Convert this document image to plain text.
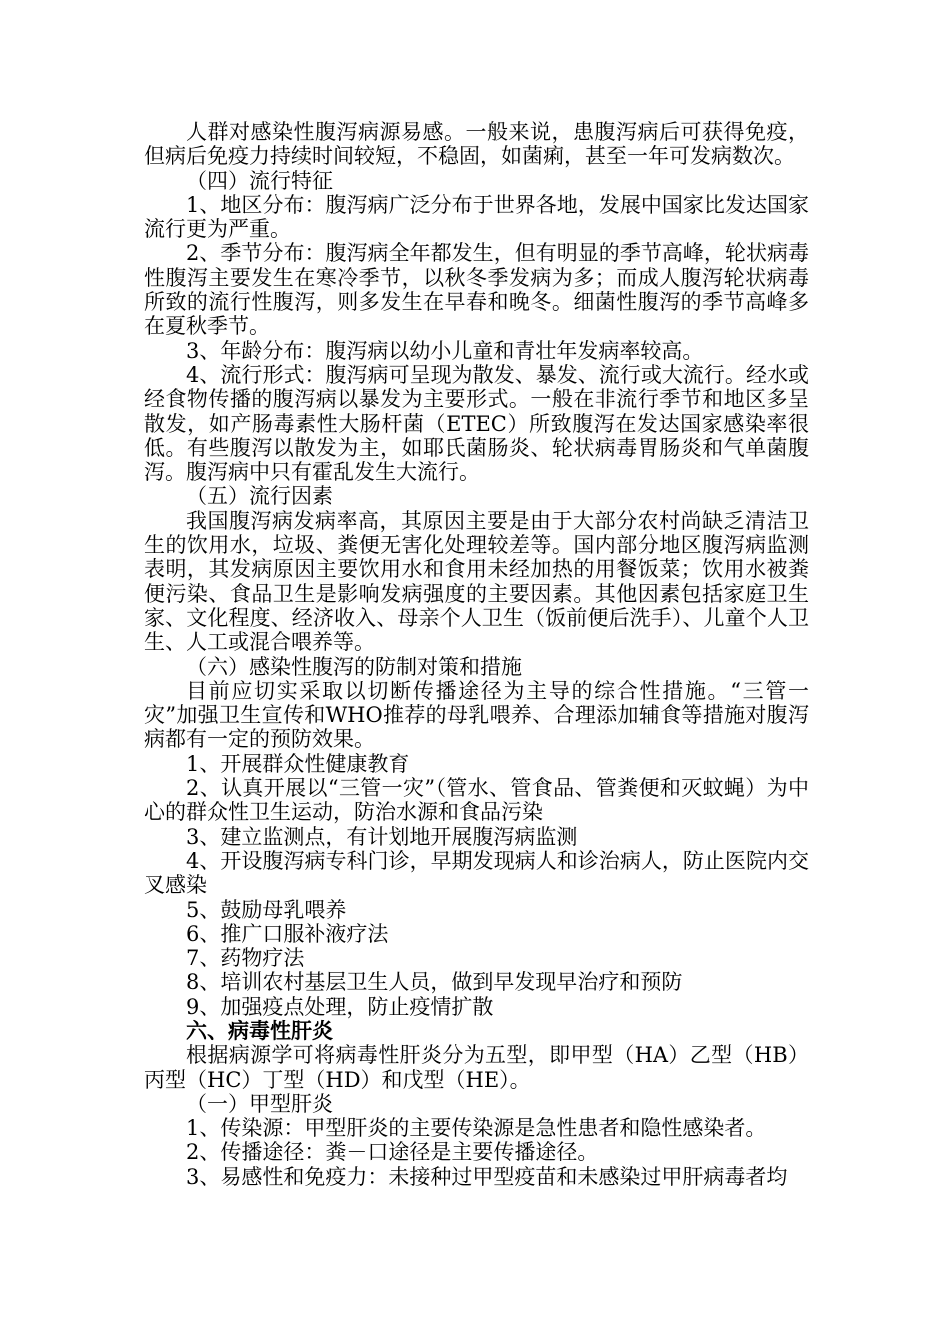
人群对感染性腹泻病源易感。一般来说，患腹泻病后可获得免疫，但病后免疫力持续时间较短，不稳固，如菌痢，甚至一年可发病数次。

（四）流行特征

1、地区分布：腹泻病广泛分布于世界各地，发展中国家比发达国家流行更为严重。

2、季节分布：腹泻病全年都发生，但有明显的季节高峰，轮状病毒性腹泻主要发生在寒冷季节，以秋冬季发病为多；而成人腹泻轮状病毒所致的流行性腹泻，则多发生在早春和晚冬。细菌性腹泻的季节高峰多在夏秋季节。

3、年龄分布：腹泻病以幼小儿童和青壮年发病率较高。

4、流行形式：腹泻病可呈现为散发、暴发、流行或大流行。经水或经食物传播的腹泻病以暴发为主要形式。一般在非流行季节和地区多呈散发，如产肠毒素性大肠杆菌（ETEC）所致腹泻在发达国家感染率很低。有些腹泻以散发为主，如耶氏菌肠炎、轮状病毒胃肠炎和气单菌腹泻。腹泻病中只有霍乱发生大流行。

（五）流行因素

我国腹泻病发病率高，其原因主要是由于大部分农村尚缺乏清洁卫生的饮用水，垃圾、粪便无害化处理较差等。国内部分地区腹泻病监测表明，其发病原因主要饮用水和食用未经加热的用餐饭菜；饮用水被粪便污染、食品卫生是影响发病强度的主要因素。其他因素包括家庭卫生家、文化程度、经济收入、母亲个人卫生（饭前便后洗手）、儿童个人卫生、人工或混合喂养等。

（六）感染性腹泻的防制对策和措施

目前应切实采取以切断传播途径为主导的综合性措施。“三管一灾”加强卫生宣传和WHO推荐的母乳喂养、合理添加辅食等措施对腹泻病都有一定的预防效果。

1、开展群众性健康教育

2、认真开展以“三管一灾”（管水、管食品、管粪便和灭蚊蝇）为中心的群众性卫生运动，防治水源和食品污染

3、建立监测点，有计划地开展腹泻病监测

4、开设腹泻病专科门诊，早期发现病人和诊治病人，防止医院内交叉感染

5、鼓励母乳喂养

6、推广口服补液疗法

7、药物疗法

8、培训农村基层卫生人员，做到早发现早治疗和预防

9、加强疫点处理，防止疫情扩散

六、病毒性肝炎

根据病源学可将病毒性肝炎分为五型，即甲型（HA）乙型（HB）丙型（HC）丁型（HD）和戊型（HE）。

（一）甲型肝炎

1、传染源：甲型肝炎的主要传染源是急性患者和隐性感染者。

2、传播途径：粪－口途径是主要传播途径。

3、易感性和免疫力：未接种过甲型疫苗和未感染过甲肝病毒者均
